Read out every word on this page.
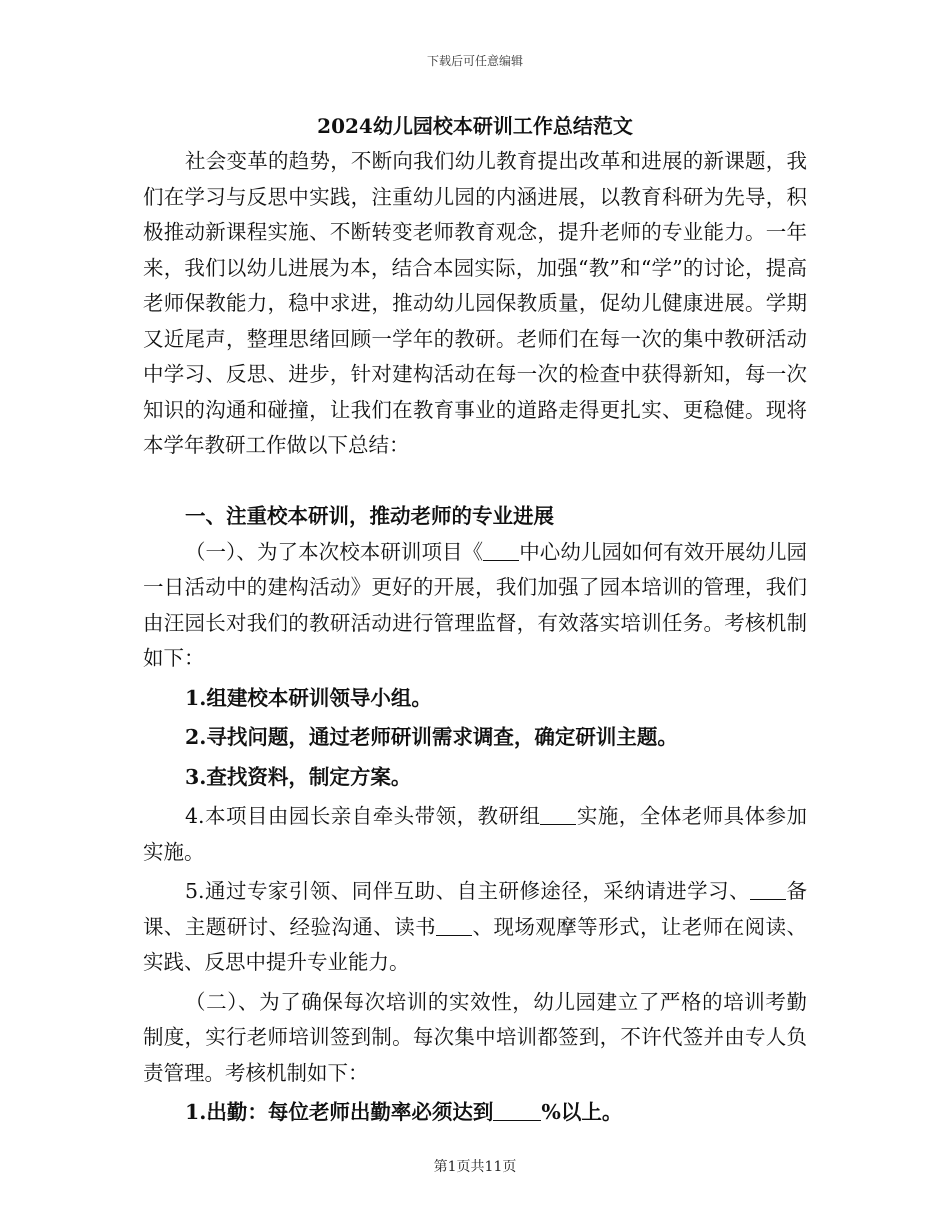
下载后可任意编辑
2024幼儿园校本研训工作总结范文

社会变革的趋势，不断向我们幼儿教育提出改革和进展的新课题，我们在学习与反思中实践，注重幼儿园的内涵进展，以教育科研为先导，积极推动新课程实施、不断转变老师教育观念，提升老师的专业能力。一年来，我们以幼儿进展为本，结合本园实际，加强“教”和“学”的讨论，提高老师保教能力，稳中求进，推动幼儿园保教质量，促幼儿健康进展。学期又近尾声，整理思绪回顾一学年的教研。老师们在每一次的集中教研活动中学习、反思、进步，针对建构活动在每一次的检查中获得新知，每一次知识的沟通和碰撞，让我们在教育事业的道路走得更扎实、更稳健。现将本学年教研工作做以下总结：

一、注重校本研训，推动老师的专业进展

（一）、为了本次校本研训项目《 中心幼儿园如何有效开展幼儿园一日活动中的建构活动》更好的开展，我们加强了园本培训的管理，我们由汪园长对我们的教研活动进行管理监督，有效落实培训任务。考核机制如下：

1.组建校本研训领导小组。

2.寻找问题，通过老师研训需求调查，确定研训主题。

3.查找资料，制定方案。

4.本项目由园长亲自牵头带领，教研组 实施，全体老师具体参加实施。

5.通过专家引领、同伴互助、自主研修途径，采纳请进学习、 备课、主题研讨、经验沟通、读书 、现场观摩等形式，让老师在阅读、实践、反思中提升专业能力。

（二）、为了确保每次培训的实效性，幼儿园建立了严格的培训考勤制度，实行老师培训签到制。每次集中培训都签到，不许代签并由专人负责管理。考核机制如下：

1.出勤：每位老师出勤率必须达到 %以上。

第1页共11页
